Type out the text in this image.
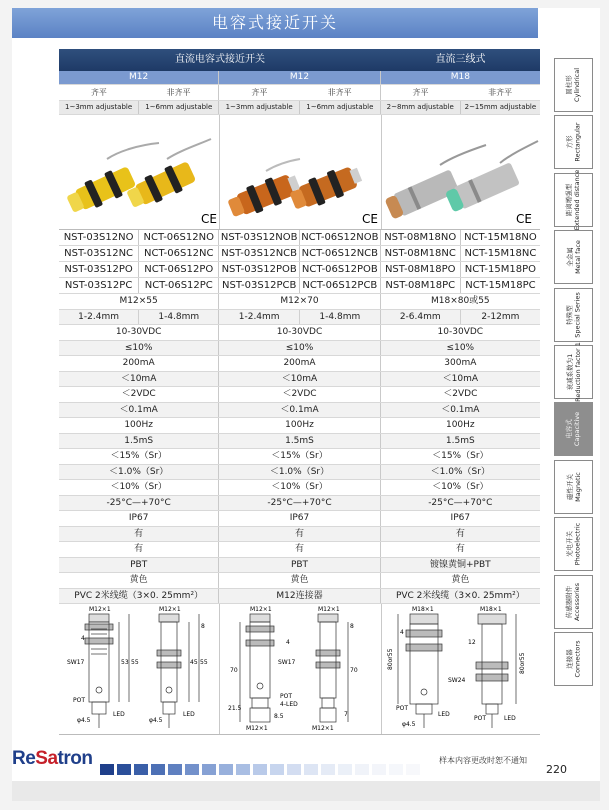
电容式接近开关
直流电容式接近开关	直流三线式
M12	M12	M18
齐平	非齐平	齐平	非齐平	齐平	非齐平
1~3mm adjustable	1~6mm adjustable	1~3mm adjustable	1~6mm adjustable	2~8mm adjustable	2~15mm adjustable
CE	CE	CE
NST-03S12NO	NCT-06S12NO NST-03S12NOB NCT-06S12NOB NST-08M18NO NCT-15M18NO
NST-03S12NC	NCT-06S12NC NST-03S12NCB NCT-06S12NCB NST-08M18NC NCT-15M18NC
NST-03S12PO	NCT-06S12PO NST-03S12POB NCT-06S12POB NST-08M18PO NCT-15M18PO
NST-03S12PC	NCT-06S12PC NST-03S12PCB NCT-06S12PCB NST-08M18PC	NCT-15M18PC
M12×55	M12×70	M18×80或55
1-2.4mm	1-4.8mm	1-2.4mm	1-4.8mm	2-6.4mm	2-12mm
10-30VDC	10-30VDC	10-30VDC
≤10%	≤10%	≤10%
200mA	200mA	300mA
＜10mA	＜10mA	＜10mA
＜2VDC	＜2VDC	＜2VDC
＜0.1mA	＜0.1mA	＜0.1mA
100Hz	100Hz	100Hz
1.5mS	1.5mS	1.5mS
＜15%（Sr）	＜15%（Sr）	＜15%（Sr）
＜1.0%（Sr）	＜1.0%（Sr）	＜1.0%（Sr）
＜10%（Sr）	＜10%（Sr）	＜10%（Sr）
-25°C—+70°C	-25°C—+70°C	-25°C—+70°C
IP67	IP67	IP67
有	有	有
有	有	有
PBT	PBT	镀镍黄铜+PBT
黄色	黄色	黄色
PVC 2米线缆（3×0. 25mm²）	M12连接器	PVC 2米线缆（3×0. 25mm²）
M12×1	M12×1
SW17
POT
LED
φ4.5	φ4.5
LED
4
53 55	45 55
8
M12×1	M12×1
SW17
70	70
POT
4-LED
21.5
8.5	7
M12×1	M12×1
4
8
M18×1	M18×1
SW24
POT
LED
φ4.5
POT	LED
80or55	80or55
12
4
圆柱形 Cylindrical
方形 Rectangular
距离增强型 Extended distance
全金属 Metal face
特殊型 Special Series
衰减系数为1 Reduction factor 1
电容式 Capacitive
磁性开关 Magnetic
光电开关 Photoelectric
传感器附件 Accessories
连接器 Connectors
ReSatron	样本内容更改时恕不通知
220
